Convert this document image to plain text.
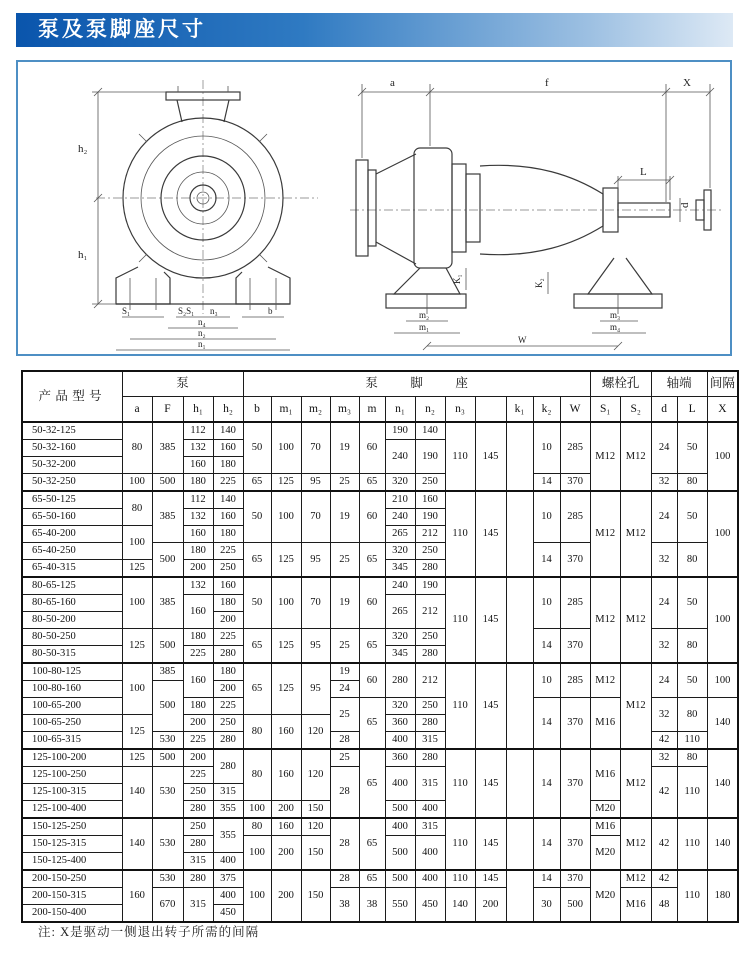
泵及泵脚座尺寸
h₂
h₁
S₁	b
S₂S₁ n₃
n₄
n₂
n₁
a	f	X
L
d
K₁	K₂
m₂
m₁
m₃
m₄
W
产品型号	泵				泵脚座												螺栓孔		轴端		间隔
	a	F	h₁	h₂	b	m₁	m₂	m₃	m	n₁	n₂	n₃		k₁	k₂	W	S₁	S₂	d	L	X
50-32-125	80	385	112	140	50	100	70	19	60	190	140	110	145		10	285	M12	M12	24	50	100
50-32-160			132	160						240	190										
50-32-200			160	180																	
50-32-250	100	500	180	225	65	125	95	25	65	320	250				14	370			32	80	
65-50-125	80	385	112	140	50	100	70	19	60	210	160	110	145		10	285	M12	M12	24	50	100
65-50-160			132	160						240	190										
65-40-200	100		160	180						265	212										
65-40-250		500	180	225	65	125	95	25	65	320	250				14	370			32	80	
65-40-315	125		200	250						345	280										
80-65-125	100	385	132	160	50	100	70	19	60	240	190	110	145		10	285	M12	M12	24	50	100
80-65-160			160	180						265	212										
80-50-200				200																	
80-50-250	125	500	180	225	65	125	95	25	65	320	250				14	370			32	80	
80-50-315			225	280						345	280										
100-80-125	100	385	160	180	65	125	95	19	60	280	212	110	145		10	285	M12	M12	24	50	100
100-80-160		500		200				24													
100-65-200			180	225				25	65	320	250				14	370	M16		32	80	140
100-65-250	125		200	250	80	160	120			360	280										
100-65-315		530	225	280				28		400	315								42	110	
125-100-200	125	500	200	280	80	160	120	25	65	360	280	110	145		14	370	M16	M12	32	80	140
125-100-250	140	530	225					28		400	315								42	110	
125-100-315			250	315																	
125-100-400			280	355	100	200	150			500	400						M20				
150-125-250	140	530	250	355	80	160	120	28	65	400	315	110	145		14	370	M16	M12	42	110	140
150-125-315			280		100	200	150			500	400						M20				
150-125-400			315	400																	
200-150-250	160	530	280	375	100	200	150	28	65	500	400	110	145		14	370	M20	M12	42	110	180
200-150-315		670	315	400				38	38	550	450	140	200		30	500		M16	48		
200-150-400				450																	
注: X是驱动一侧退出转子所需的间隔
